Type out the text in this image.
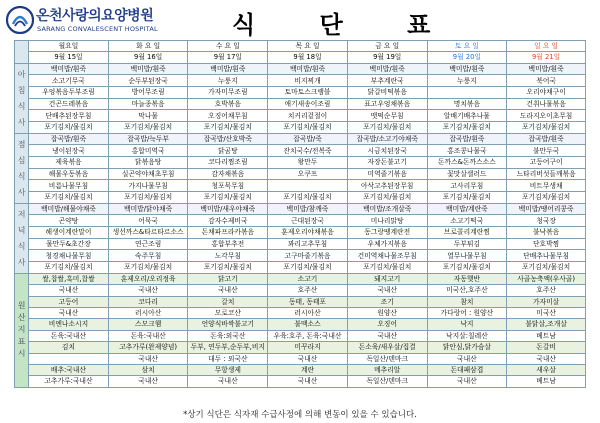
온천사랑의요양병원
SARANG CONVALESCENT HOSPITAL	식 단 표
	월요일	화 요 일	수 요 일	목 요 일	금 요 일	토 요 일	일 요 일
	9월 15일	9월 16일	9월 17일	9월 18일	9월 19일	9월 20일	9월 21일

아
침
식
사	백미밥/흰죽	백미밥/흰죽	백미밥/흰죽	백미밥/흰죽	백미밥/흰죽	백미밥/흰죽	백미밥/흰죽
	소고기무국	순두부된장국	누룽지	비지찌개	부추계란국	누룽지	북어국
	우엉볶음두부조림	방어무조림	가자미무조림	토마토스크램블	닭갈비떡볶음		오리야채구이
	건곤드레볶음	마늘종볶음	호박볶음	애기새송이조림	표고우엉채볶음	명치볶음	건취나물볶음
	단배추된장무침	막나물	오징어채무침	치커리겉절이	맷떡순무침	알배기배추나물	도라지오이초무침
	포기김치/물김치	포기김치/물김치	포기김치/물김치	포기김치/물김치	포기김치/물김치	포기김치/물김치	포기김치/물김치

점
심
식
사	잡곡밥/흰죽	잡곡밥/늑두부	잡곡밥/산호박죽	잡곡밥/죽	잡곡밥/소고기야채죽	잡곡밥/흰죽	잡곡밥/흰죽
	냉이된장국	홍합미역국	닭곰탕	잔치국수/전복죽	시금치된장국	홍조콩나물국	불만두국
	제육볶음	닭볶음탕	코다리찜조림	왕만두	자장돈불고기	돈까스&돈까스소스	고등어구이
	해물우동볶음	실곤약야채초무침	감자채볶음	오쿠프	미역줄기볶음	꽃맛살샐러드	느타리버섯들깨볶음
	비름나물무침	가지나물무침	청포묵무침		아삭고추된장무침	고사리무침	비트무생채
	포기김치/물김치	포기김치/물김치	포기김치/물김치	포기김치/물김치	포기김치/물김치	포기김치/물김치	포기김치/물김치

저
녁
식
사	백미밥/해물야채죽	백미밥/닭야채죽	백미밥/새우야채죽	백미밥/참깨죽	백미밥/조개살죽	백미밥/계란죽	백미밥/땡어리콩죽
	곤약탕	어묵국	감자수제비국	근대된장국	미나리맑탕	소고기떡국	청국장
	해생이계란말이	생선까스&타르타르소스	돈채파프라카볶음	훈제오리야채볶음	동그랑땡계란전	브로콜리계란찜	불낙볶음
	물만두&초간장	연근조림	홍합부추전	꽈리고추무침	우체가지볶음	두부튀김	단호박찜
	청경채나물무침	숙주무침	노각무침	고구마줄기볶음	건미역채나물조무침	열무나물무침	단배추나물무침
	포기김치/물김치	포기김치/물김치	포기김치/물김치	포기김치/물김치	포기김치/물김치	포기김치/물김치	포기김치/물김치

원
산
지
표
시	쌀,찹쌀,흑미,찹쌀	훈제오리/오리정육	닭고기	소고기	돼지고기	자동햇반	사골농축액(우사골)
	국내산	국내산	국내산	호주산	국내산	미국산,호주산	호주산
	고등어	코다리	갈치	동태, 동태포	조기	참치	가자미살
	국내산	러시아산	모로코산	러시아산	원양산	가다랑어 : 원양산	미국산
	비엔나소시지	스모크햄	언양식바싹불고기	불맥소스	오징어	낙지	불닭살,조개살
	돈육:국내산	돈육:국내산	돈육:외국산	우육:호주, 돈육:국내산	국내산	낙지살:칠레산	베트남
	김치	고추가루(완제양념)	두부, 연두부,순두부,비지	미꾸라지	돈소육/새우살/집결	닭안심,닭가슴살	돈갈비
		국내산	대두 : 외국산	국내산	독일산/덴마크	국내산	국내산
	배추:국내산	삼치	무항생제	계란	메추리알	돈대패삼겹	새우살
	고추가루:국내산	국내산	국내산	국내산	독일산/덴마크	국내산	베트남
*상기 식단은 식자재 수급사정에 의해 변동이 있을 수 있습니다.
